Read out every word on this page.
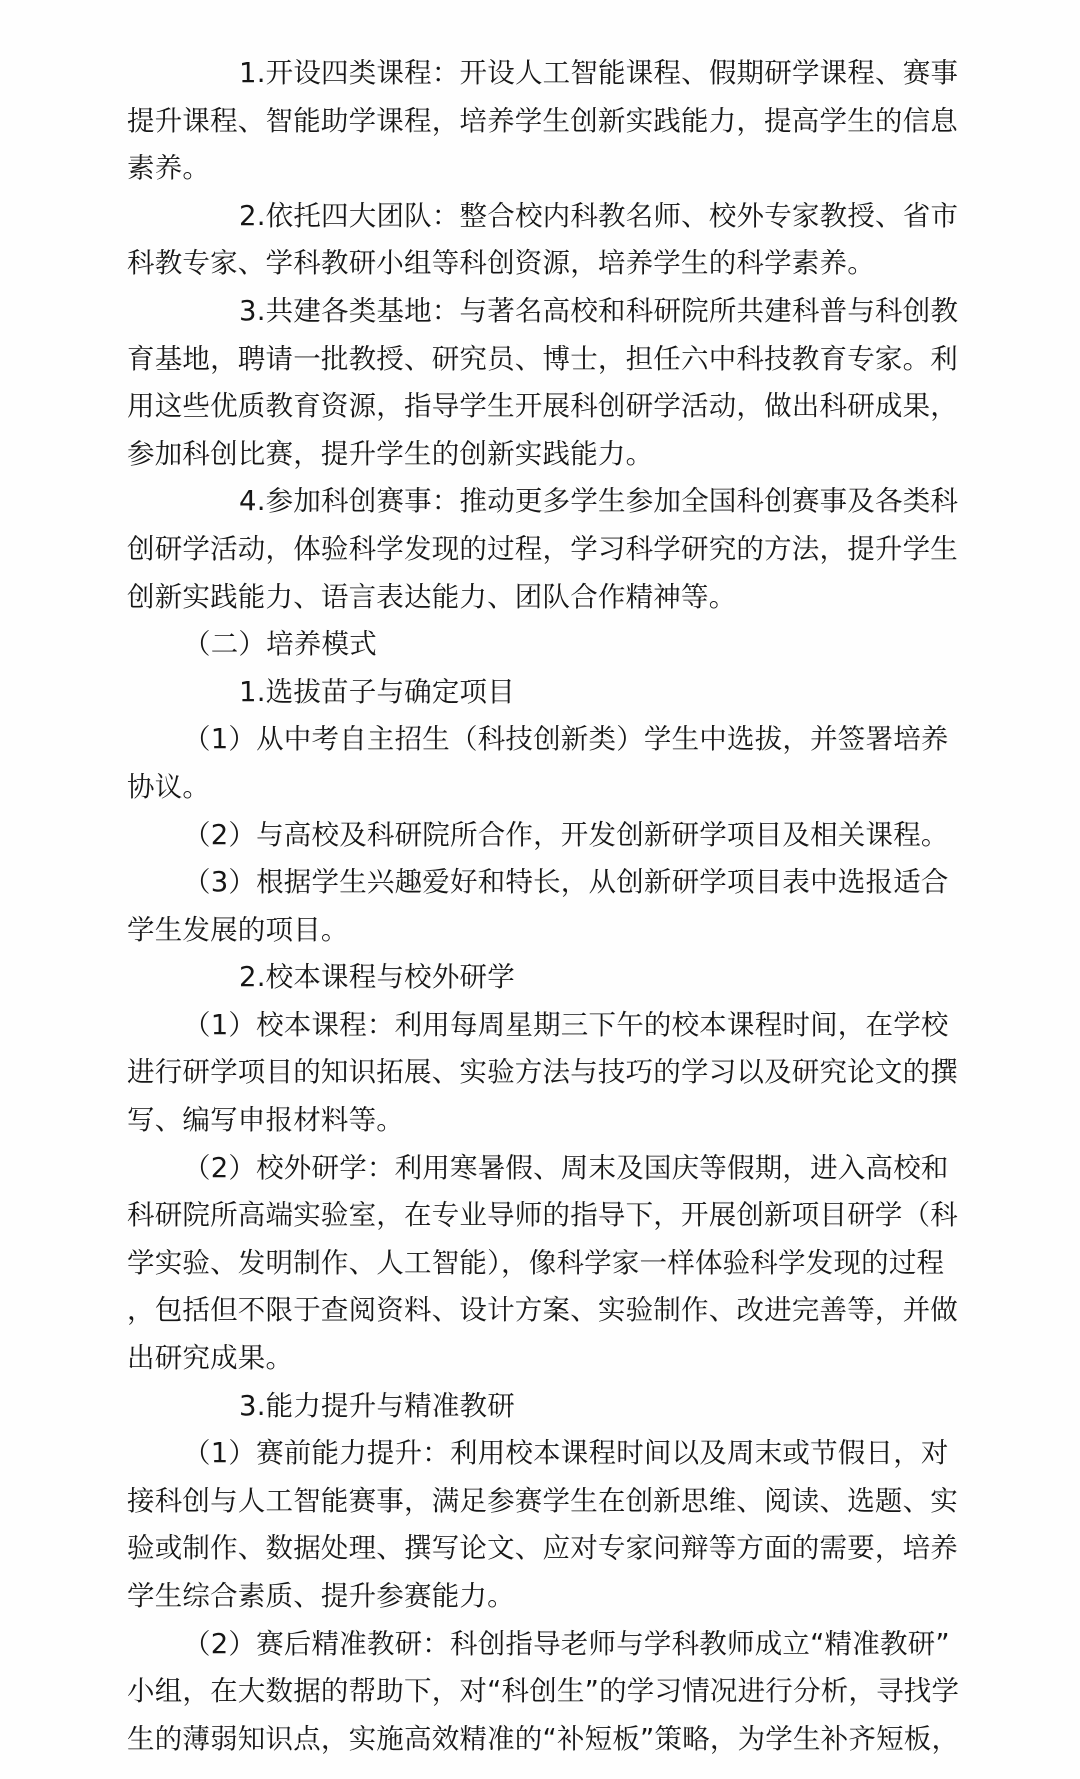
1.开设四类课程：开设人工智能课程、假期研学课程、赛事提升课程、智能助学课程，培养学生创新实践能力，提高学生的信息素养。

2.依托四大团队：整合校内科教名师、校外专家教授、省市科教专家、学科教研小组等科创资源，培养学生的科学素养。

3.共建各类基地：与著名高校和科研院所共建科普与科创教育基地，聘请一批教授、研究员、博士，担任六中科技教育专家。利用这些优质教育资源，指导学生开展科创研学活动，做出科研成果，参加科创比赛，提升学生的创新实践能力。

4.参加科创赛事：推动更多学生参加全国科创赛事及各类科创研学活动，体验科学发现的过程，学习科学研究的方法，提升学生创新实践能力、语言表达能力、团队合作精神等。

（二）培养模式

1.选拔苗子与确定项目

（1）从中考自主招生（科技创新类）学生中选拔，并签署培养协议。

（2）与高校及科研院所合作，开发创新研学项目及相关课程。

（3）根据学生兴趣爱好和特长，从创新研学项目表中选报适合学生发展的项目。

2.校本课程与校外研学

（1）校本课程：利用每周星期三下午的校本课程时间，在学校进行研学项目的知识拓展、实验方法与技巧的学习以及研究论文的撰写、编写申报材料等。

（2）校外研学：利用寒暑假、周末及国庆等假期，进入高校和科研院所高端实验室，在专业导师的指导下，开展创新项目研学（科学实验、发明制作、人工智能），像科学家一样体验科学发现的过程，包括但不限于查阅资料、设计方案、实验制作、改进完善等，并做出研究成果。

3.能力提升与精准教研

（1）赛前能力提升：利用校本课程时间以及周末或节假日，对接科创与人工智能赛事，满足参赛学生在创新思维、阅读、选题、实验或制作、数据处理、撰写论文、应对专家问辩等方面的需要，培养学生综合素质、提升参赛能力。

（2）赛后精准教研：科创指导老师与学科教师成立“精准教研”小组，在大数据的帮助下，对“科创生”的学习情况进行分析，寻找学生的薄弱知识点，实施高效精准的“补短板”策略，为学生补齐短板，
